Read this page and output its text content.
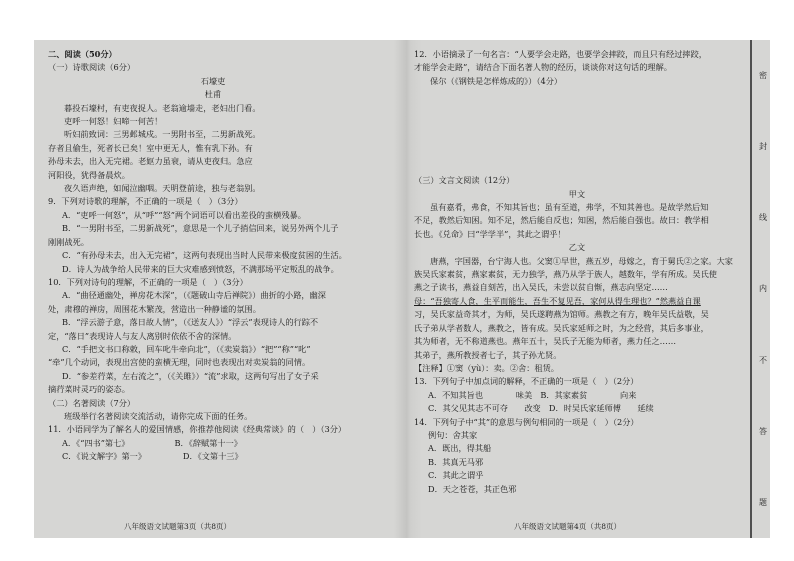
二、阅读（50分）
（一）诗歌阅读（6分）
石壕吏
杜甫
暮投石壕村，有吏夜捉人。老翁逾墙走，老妇出门看。
吏呼一何怒！妇啼一何苦！
听妇前致词：三男邺城戍。一男附书至，二男新战死。
存者且偷生，死者长已矣！室中更无人，惟有乳下孙。有
孙母未去，出入无完裙。老妪力虽衰，请从吏夜归。急应
河阳役，犹得备晨炊。
夜久语声绝，如闻泣幽咽。天明登前途，独与老翁别。
9．下列对诗歌的理解，不正确的一项是（　）（3分）
A．“吏呼一何怒”，从“呼”“怒”两个词语可以看出差役的蛮横残暴。
B．“一男附书至，二男新战死”，意思是一个儿子捎信回来，说另外两个儿子
刚刚战死。
C．“有孙母未去，出入无完裙”，这两句表现出当时人民带来极度贫困的生活。
D．诗人为战争给人民带来的巨大灾难感到愤怒，不满那场平定叛乱的战争。
10．下列对诗句的理解，不正确的一项是（　）（3分）
A．“曲径通幽处，禅房花木深”，（《题破山寺后禅院》）曲折的小路，幽深
处，肃穆的禅房，周围花木繁茂，营造出一种静谧的氛围。
B．“浮云游子意，落日故人情”，（《送友人》）“浮云”表现诗人的行踪不
定，“落日”表现诗人与友人离别时依依不舍的深情。
C．“手把文书口称敕，回车叱牛牵向北”，（《卖炭翁》）“把”“称”“叱”
“牵”几个动词，表现出宫使的蛮横无理，同时也表现出对卖炭翁的同情。
D．“参差荇菜，左右流之”，（《关雎》）“流”求取，这两句写出了女子采
摘荇菜时灵巧的姿态。
（二）名著阅读（7分）
班级举行名著阅读交流活动，请你完成下面的任务。
11．小语同学为了解名人的爱国情感，你推荐他阅读《经典常谈》的（　）（3分）
A．《“四书”第七》　　　　　　B．《辞赋第十一》
C．《说文解字》第一》　　　　　D．《文第十三》
八年级语文试题第3页（共8页）
12．小语摘录了一句名言：“人要学会走路，也要学会摔跤，而且只有经过摔跤，
才能学会走路”，请结合下面名著人物的经历，谈谈你对这句话的理解。
保尔（《钢铁是怎样炼成的》）（4分）
（三）文言文阅读（12分）
甲文
虽有嘉肴，弗食，不知其旨也；虽有至道，弗学，不知其善也。是故学然后知
不足，教然后知困。知不足，然后能自反也；知困，然后能自强也。故曰：教学相
长也。《兑命》曰“学学半”，其此之谓乎！
乙文
唐燕，字国器，台宁海人也。父窦①早世，燕五岁，母嫁之，育于舅氏②之家。大家
族吴氏家素贫，燕家素贫，无力独学，燕乃从学于族人，越数年，学有所成。吴氏使
燕之子读书，燕益自刻苦，出入吴氏，未尝以贫自惭，燕志向坚定……
母：“吾独寄人食，生平而能生，吾生不复见吾，家何从得生理也？”然燕益自课
习，吴氏家益奇其才，为师，吴氏遂聘燕为馆师。燕教之有方，晚年吴氏益敬，吴
氏子弟从学者数人，燕教之，皆有成。吴氏家延师之时，为之经营，其后多事业，
其为师者，无不称道燕也。燕年五十，吴氏子无能为师者，燕力任之……
其弟子，燕所教授者七子，其子孙尤贤。
【注释】①窦（yù）：卖。②舍：租赁。
13．下列句子中加点词的解释，不正确的一项是（　）（2分）
A．不知其旨也　　　　味美　B．其家素贫　　　　向来
C．其父见其志不可夺　　改变　D．时吴氏家延师傅　　延续
14．下列句子中“其”的意思与例句相同的一项是（　）（2分）
例句：舍其家
A．既出，得其船
B．其真无马邪
C．其此之谓乎
D．天之苍苍，其正色邪
八年级语文试题第4页（共8页）
密
封
线
内
不
答
题
